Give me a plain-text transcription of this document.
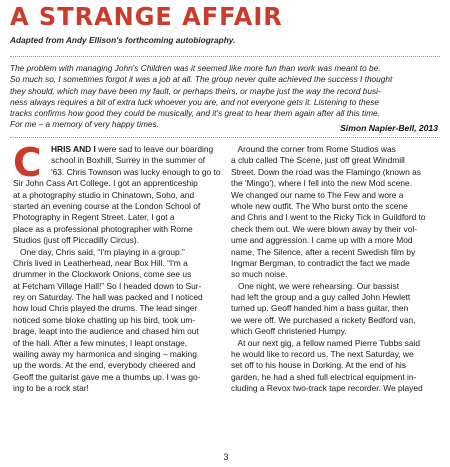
A STRANGE AFFAIR
Adapted from Andy Ellison's forthcoming autobiography.
The problem with managing John's Children was it seemed like more fun than work was meant to be.
So much so, I sometimes forgot it was a job at all. The group never quite achieved the success I thought
they should, which may have been my fault, or perhaps theirs, or maybe just the way the record busi-
ness always requires a bit of extra luck whoever you are, and not everyone gets it. Listening to these
tracks confirms how good they could be musically, and it's great to hear them again after all this time.
For me – a memory of very happy times.	Simon Napier-Bell, 2013
C	HRIS AND I were sad to leave our boarding
school in Boxhill, Surrey in the summer of
'63. Chris Townson was lucky enough to go to
Sir John Cass Art College. I got an apprenticeship
at a photography studio in Chinatown, Soho, and
started an evening course at the London School of
Photography in Regent Street. Later, I got a
place as a professional photographer with Rome
Studios (just off Piccadilly Circus).
One day, Chris said, “I'm playing in a group.”
Chris lived in Leatherhead, near Box Hill. “I'm a
drummer in the Clockwork Onions, come see us
at Fetcham Village Hall!” So I headed down to Sur-
rey on Saturday. The hall was packed and I noticed
how loud Chris played the drums. The lead singer
noticed some bloke chatting up his bird, took um-
brage, leapt into the audience and chased him out
of the hall. After a few minutes, I leapt onstage,
wailing away my harmonica and singing – making
up the words. At the end, everybody cheered and
Geoff the guitarist gave me a thumbs up. I was go-
ing to be a rock star!
Around the corner from Rome Studios was
a club called The Scene, just off great Windmill
Street. Down the road was the Flamingo (known as
the 'Mingo'), where I fell into the new Mod scene.
We changed our name to The Few and wore a
whole new outfit. The Who burst onto the scene
and Chris and I went to the Ricky Tick in Guildford to
check them out. We were blown away by their vol-
ume and aggression. I came up with a more Mod
name, The Silence, after a recent Swedish film by
Ingmar Bergman, to contradict the fact we made
so much noise.
One night, we were rehearsing. Our bassist
had left the group and a guy called John Hewlett
turned up. Geoff handed him a bass guitar, then
we were off. We purchased a rickety Bedford van,
which Geoff christened Humpy.
At our next gig, a fellow named Pierre Tubbs said
he would like to record us. The next Saturday, we
set off to his house in Dorking. At the end of his
garden, he had a shed full electrical equipment in-
cluding a Revox two-track tape recorder. We played
3
